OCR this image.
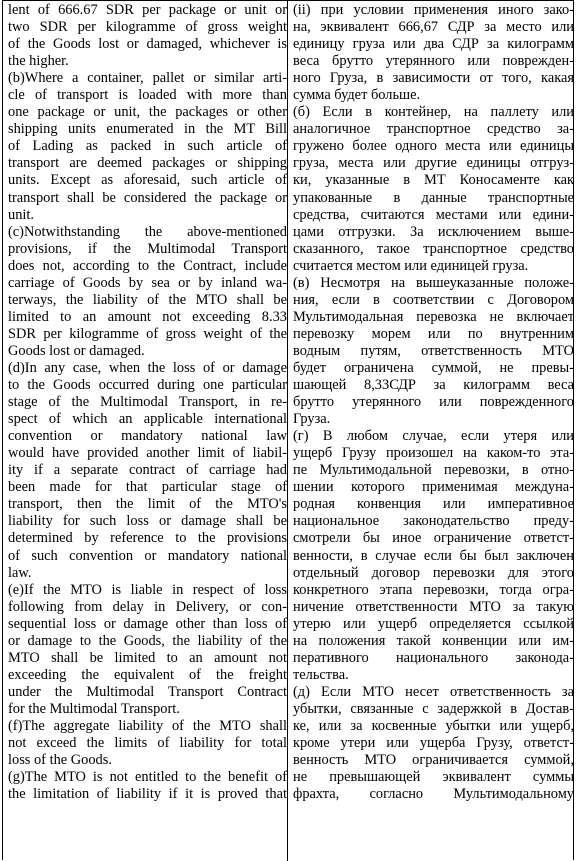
lent of 666.67 SDR per package or unit or
two SDR per kilogramme of gross weight
of the Goods lost or damaged, whichever is
the higher.
(b)Where a container, pallet or similar arti-
cle of transport is loaded with more than
one package or unit, the packages or other
shipping units enumerated in the MT Bill
of Lading as packed in such article of
transport are deemed packages or shipping
units. Except as aforesaid, such article of
transport shall be considered the package or
unit.
(c)Notwithstanding the above-mentioned
provisions, if the Multimodal Transport
does not, according to the Contract, include
carriage of Goods by sea or by inland wa-
terways, the liability of the MTO shall be
limited to an amount not exceeding 8.33
SDR per kilogramme of gross weight of the
Goods lost or damaged.
(d)In any case, when the loss of or damage
to the Goods occurred during one particular
stage of the Multimodal Transport, in re-
spect of which an applicable international
convention or mandatory national law
would have provided another limit of liabil-
ity if a separate contract of carriage had
been made for that particular stage of
transport, then the limit of the MTO's
liability for such loss or damage shall be
determined by reference to the provisions
of such convention or mandatory national
law.
(e)If the MTO is liable in respect of loss
following from delay in Delivery, or con-
sequential loss or damage other than loss of
or damage to the Goods, the liability of the
MTO shall be limited to an amount not
exceeding the equivalent of the freight
under the Multimodal Transport Contract
for the Multimodal Transport.
(f)The aggregate liability of the MTO shall
not exceed the limits of liability for total
loss of the Goods.
(g)The MTO is not entitled to the benefit of
the limitation of liability if it is proved that
(ii) при условии применения иного зако-
на, эквивалент 666,67 СДР за место или
единицу груза или два СДР за килограмм
веса брутто утерянного или поврежден-
ного Груза, в зависимости от того, какая
сумма будет больше.
(б) Если в контейнер, на паллету или
аналогичное транспортное средство за-
гружено более одного места или единицы
груза, места или другие единицы отгруз-
ки, указанные в МТ Коносаменте как
упакованные в данные транспортные
средства, считаются местами или едини-
цами отгрузки. За исключением выше-
сказанного, такое транспортное средство
считается местом или единицей груза.
(в) Несмотря на вышеуказанные положе-
ния, если в соответствии с Договором
Мультимодальная перевозка не включает
перевозку морем или по внутренним
водным путям, ответственность МТО
будет ограничена суммой, не превы-
шающей 8,33СДР за килограмм веса
брутто утерянного или поврежденного
Груза.
(г) В любом случае, если утеря или
ущерб Грузу произошел на каком-то эта-
пе Мультимодальной перевозки, в отно-
шении которого применимая междуна-
родная конвенция или императивное
национальное законодательство преду-
смотрели бы иное ограничение ответст-
венности, в случае если бы был заключен
отдельный договор перевозки для этого
конкретного этапа перевозки, тогда огра-
ничение ответственности МТО за такую
утерю или ущерб определяется ссылкой
на положения такой конвенции или им-
перативного национального законода-
тельства.
(д) Если МТО несет ответственность за
убытки, связанные с задержкой в Достав-
ке, или за косвенные убытки или ущерб,
кроме утери или ущерба Грузу, ответст-
венность МТО ограничивается суммой,
не превышающей эквивалент суммы
фрахта, согласно Мультимодальному
